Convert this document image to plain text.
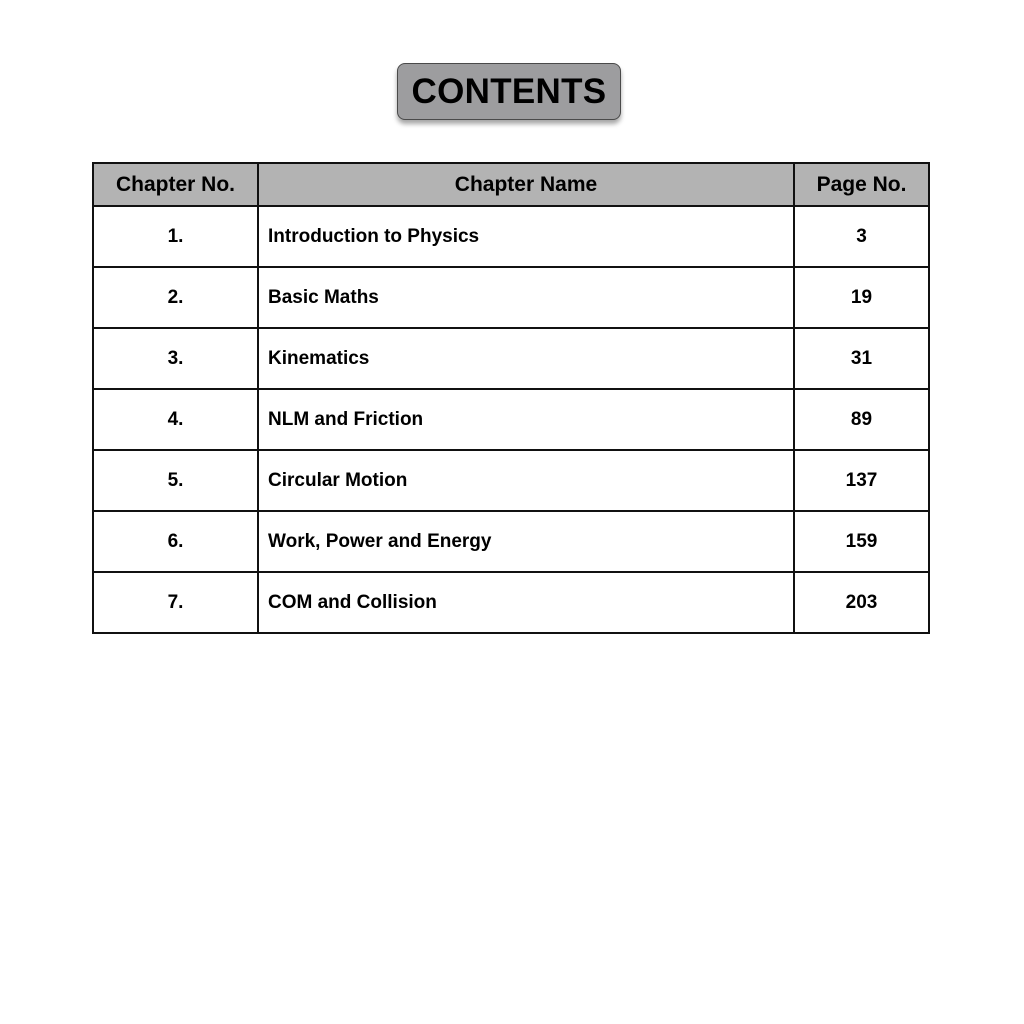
CONTENTS
Chapter No.	Chapter Name	Page No.
1.	Introduction to Physics	3
2.	Basic Maths	19
3.	Kinematics	31
4.	NLM and Friction	89
5.	Circular Motion	137
6.	Work, Power and Energy	159
7.	COM and Collision	203
